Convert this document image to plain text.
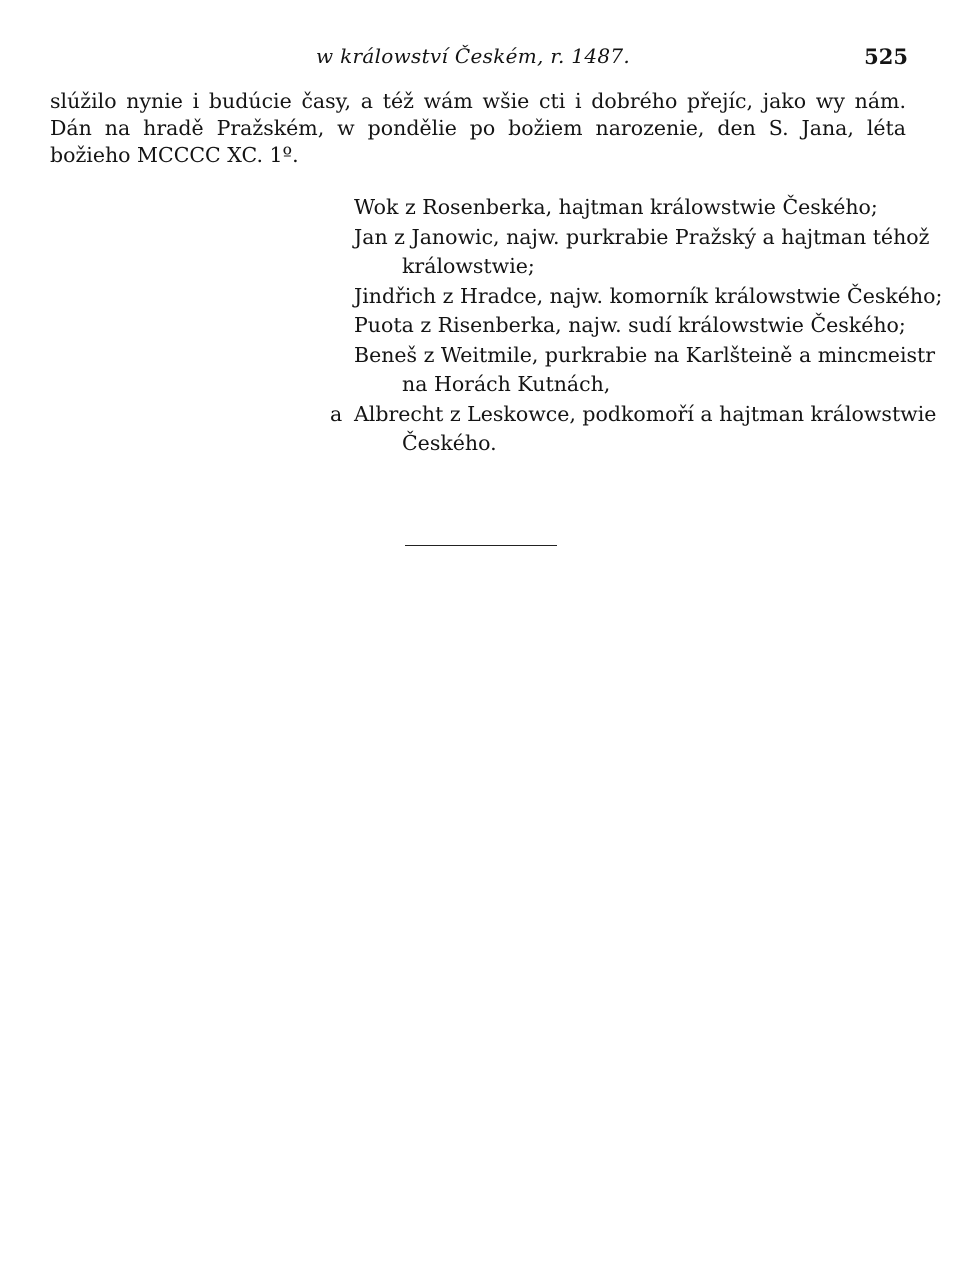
w králowství Českém, r. 1487.	525
slúžilo nynie i budúcie časy, a též wám wšie cti i dobrého přejíc, jako wy nám.
Dán na hradě Pražském, w pondělie po božiem narozenie, den S. Jana, léta
božieho MCCCC XC. 1º.
Wok z Rosenberka, hajtman králowstwie Českého;
Jan z Janowic, najw. purkrabie Pražský a hajtman téhož
králowstwie;
Jindřich z Hradce, najw. komorník králowstwie Českého;
Puota z Risenberka, najw. sudí králowstwie Českého;
Beneš z Weitmile, purkrabie na Karlšteině a mincmeistr
na Horách Kutnách,
a Albrecht z Leskowce, podkomoří a hajtman králowstwie
Českého.
